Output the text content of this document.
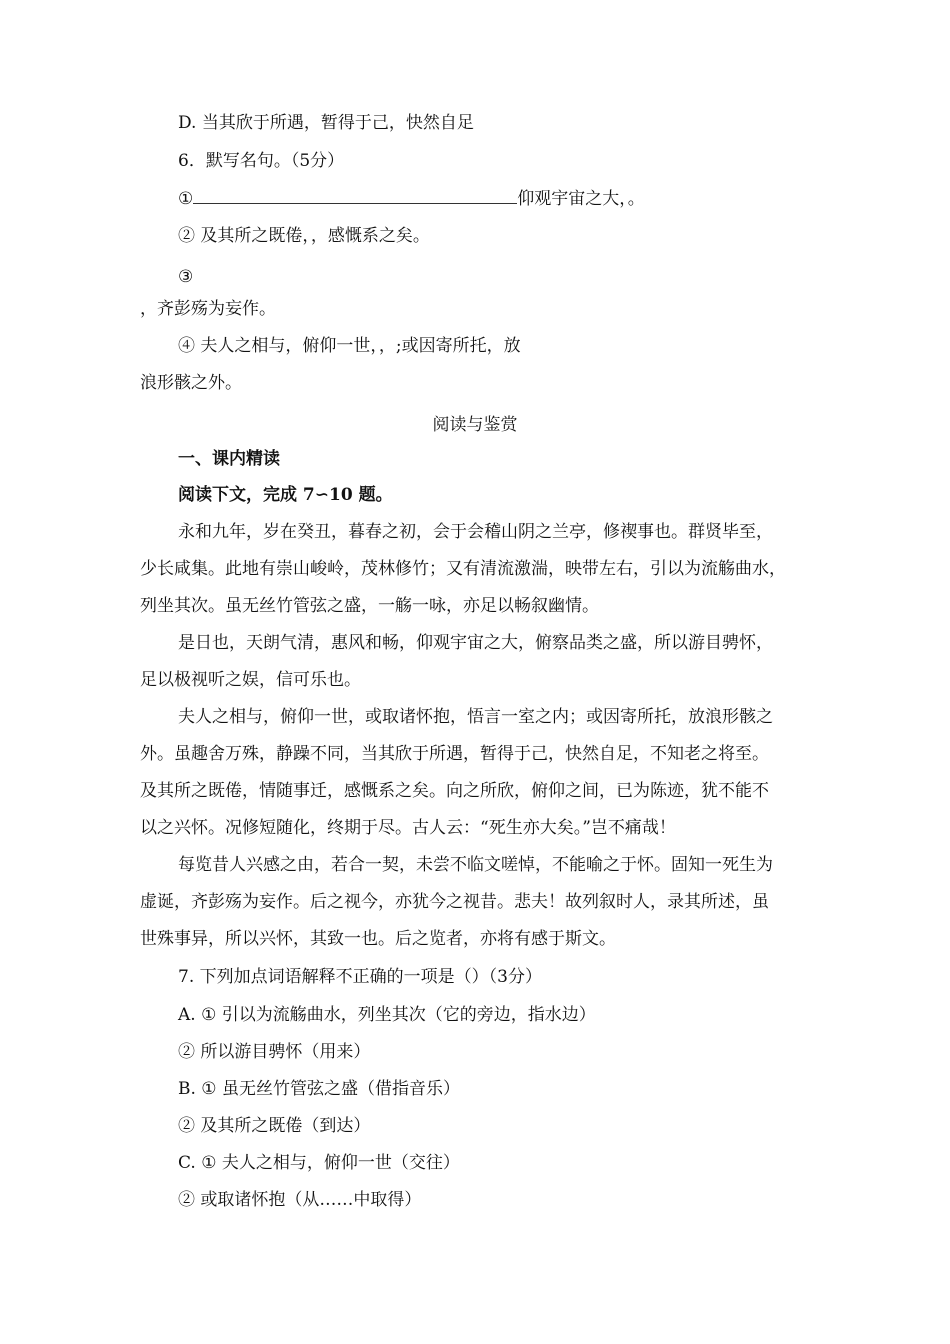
D. 当其欣于所遇，暂得于己，快然自足
6．默写名句。（5分）
①	仰观宇宙之大，。
② 及其所之既倦，，感慨系之矣。
③
，齐彭殇为妄作。
④ 夫人之相与，俯仰一世，，;或因寄所托，放
浪形骸之外。
阅读与鉴赏
一、课内精读
阅读下文，完成 7∽10 题。
永和九年，岁在癸丑，暮春之初，会于会稽山阴之兰亭，修禊事也。群贤毕至，
少长咸集。此地有崇山峻岭，茂林修竹；又有清流激湍，映带左右，引以为流觞曲水，
列坐其次。虽无丝竹管弦之盛，一觞一咏，亦足以畅叙幽情。
是日也，天朗气清，惠风和畅，仰观宇宙之大，俯察品类之盛，所以游目骋怀，
足以极视听之娱，信可乐也。
夫人之相与，俯仰一世，或取诸怀抱，悟言一室之内；或因寄所托，放浪形骸之
外。虽趣舍万殊，静躁不同，当其欣于所遇，暂得于己，快然自足，不知老之将至。
及其所之既倦，情随事迁，感慨系之矣。向之所欣，俯仰之间，已为陈迹，犹不能不
以之兴怀。况修短随化，终期于尽。古人云：“死生亦大矣。”岂不痛哉！
每览昔人兴感之由，若合一契，未尝不临文嗟悼，不能喻之于怀。固知一死生为
虚诞，齐彭殇为妄作。后之视今，亦犹今之视昔。悲夫！故列叙时人，录其所述，虽
世殊事异，所以兴怀，其致一也。后之览者，亦将有感于斯文。
7. 下列加点词语解释不正确的一项是（）（3分）
A. ① 引以为流觞曲水，列坐其次（它的旁边，指水边）
② 所以游目骋怀（用来）
B. ① 虽无丝竹管弦之盛（借指音乐）
② 及其所之既倦（到达）
C. ① 夫人之相与，俯仰一世（交往）
② 或取诸怀抱（从……中取得）
